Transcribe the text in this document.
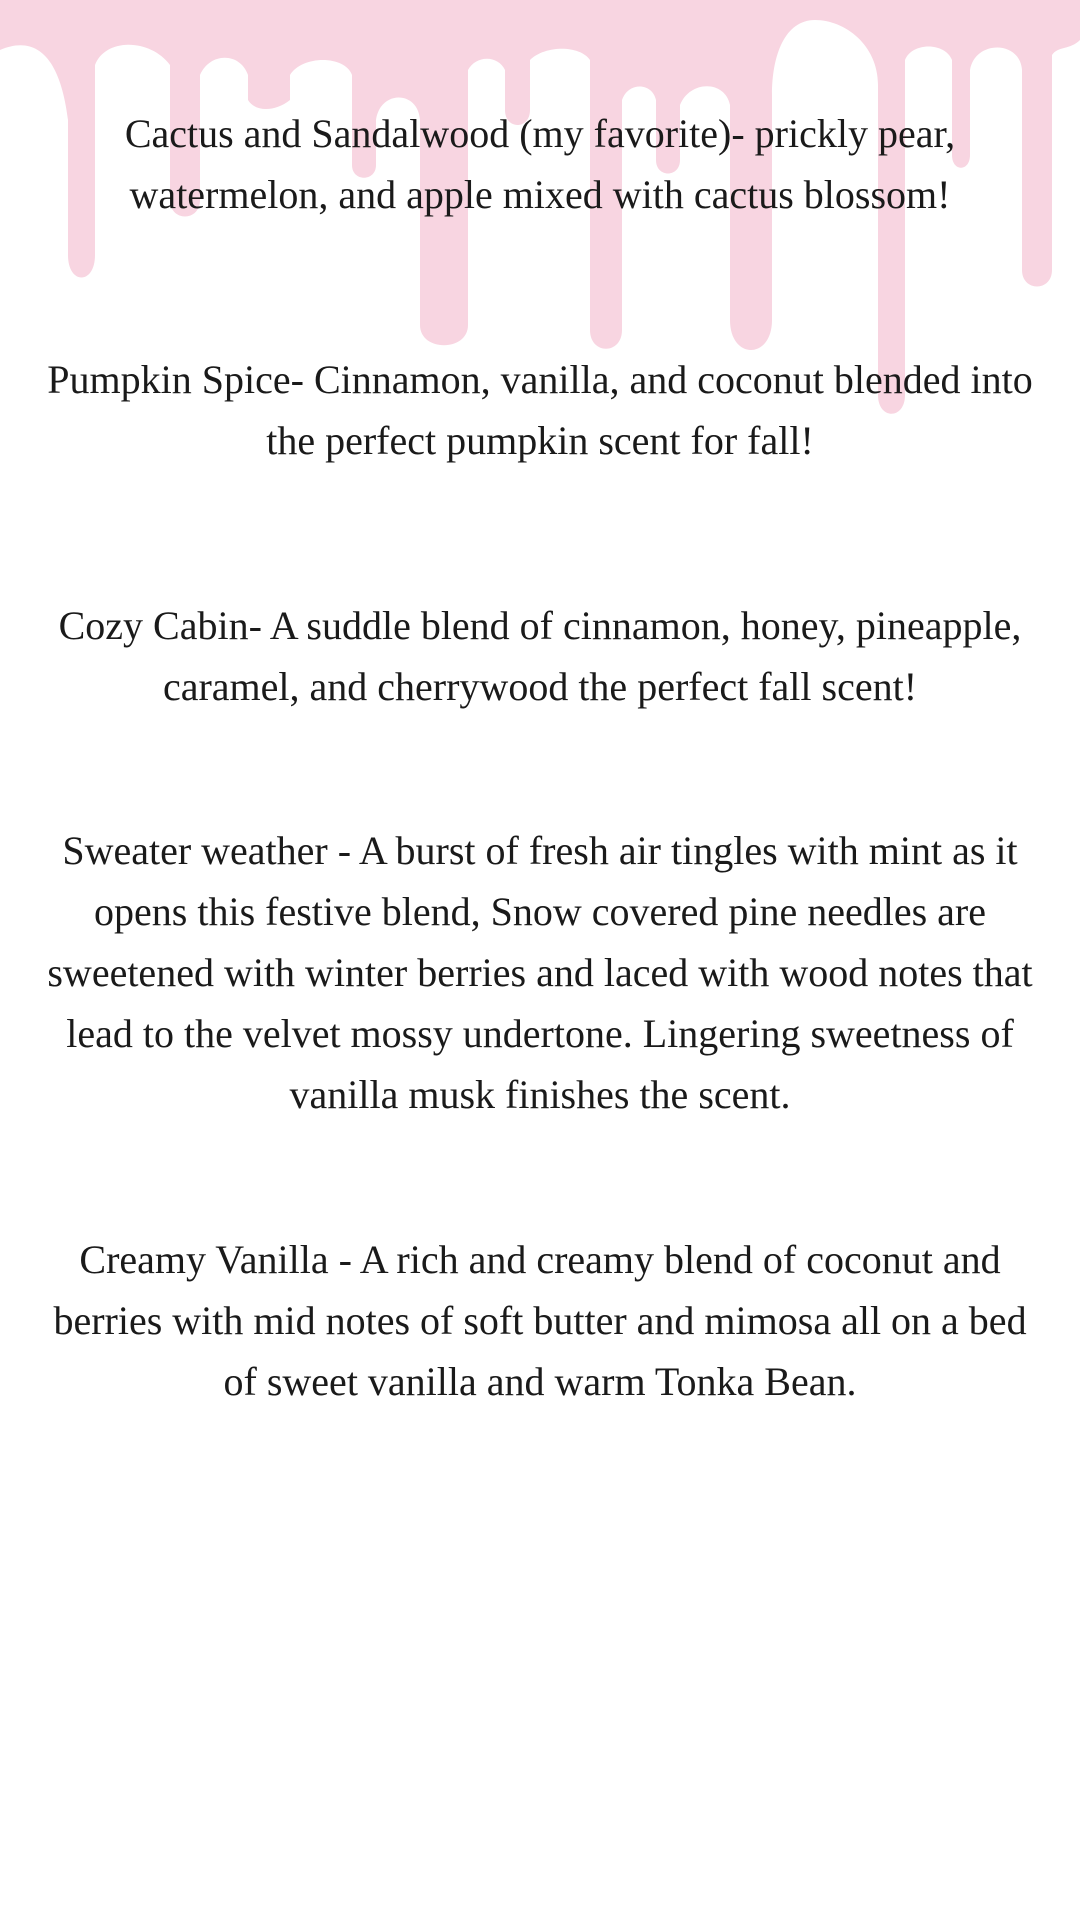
Cactus and Sandalwood (my favorite)- prickly pear, watermelon, and apple mixed with cactus blossom!

Pumpkin Spice- Cinnamon, vanilla, and coconut blended into the perfect pumpkin scent for fall!

Cozy Cabin- A suddle blend of cinnamon, honey, pineapple, caramel, and cherrywood the perfect fall scent!

Sweater weather - A burst of fresh air tingles with mint as it opens this festive blend, Snow covered pine needles are sweetened with winter berries and laced with wood notes that lead to the velvet mossy undertone. Lingering sweetness of vanilla musk finishes the scent.

Creamy Vanilla - A rich and creamy blend of coconut and berries with mid notes of soft butter and mimosa all on a bed of sweet vanilla and warm Tonka Bean.
